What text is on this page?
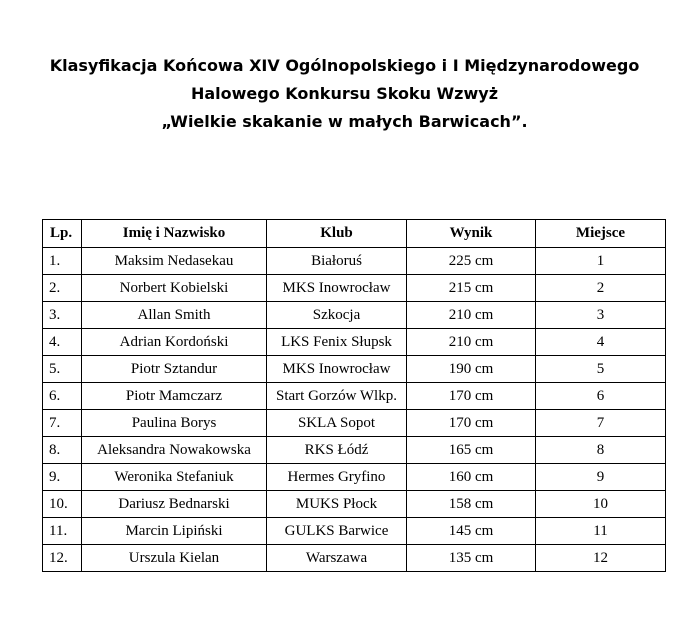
Klasyfikacja Końcowa XIV Ogólnopolskiego i I Międzynarodowego
Halowego Konkursu Skoku Wzwyż
„Wielkie skakanie w małych Barwicach”.
Lp.	Imię i Nazwisko	Klub	Wynik	Miejsce
1.	Maksim Nedasekau	Białoruś	225 cm	1
2.	Norbert Kobielski	MKS Inowrocław	215 cm	2
3.	Allan Smith	Szkocja	210 cm	3
4.	Adrian Kordoński	LKS Fenix Słupsk	210 cm	4
5.	Piotr Sztandur	MKS Inowrocław	190 cm	5
6.	Piotr Mamczarz	Start Gorzów Wlkp.	170 cm	6
7.	Paulina Borys	SKLA Sopot	170 cm	7
8.	Aleksandra Nowakowska	RKS Łódź	165 cm	8
9.	Weronika Stefaniuk	Hermes Gryfino	160 cm	9
10.	Dariusz Bednarski	MUKS Płock	158 cm	10
11.	Marcin Lipiński	GULKS Barwice	145 cm	11
12.	Urszula Kielan	Warszawa	135 cm	12
